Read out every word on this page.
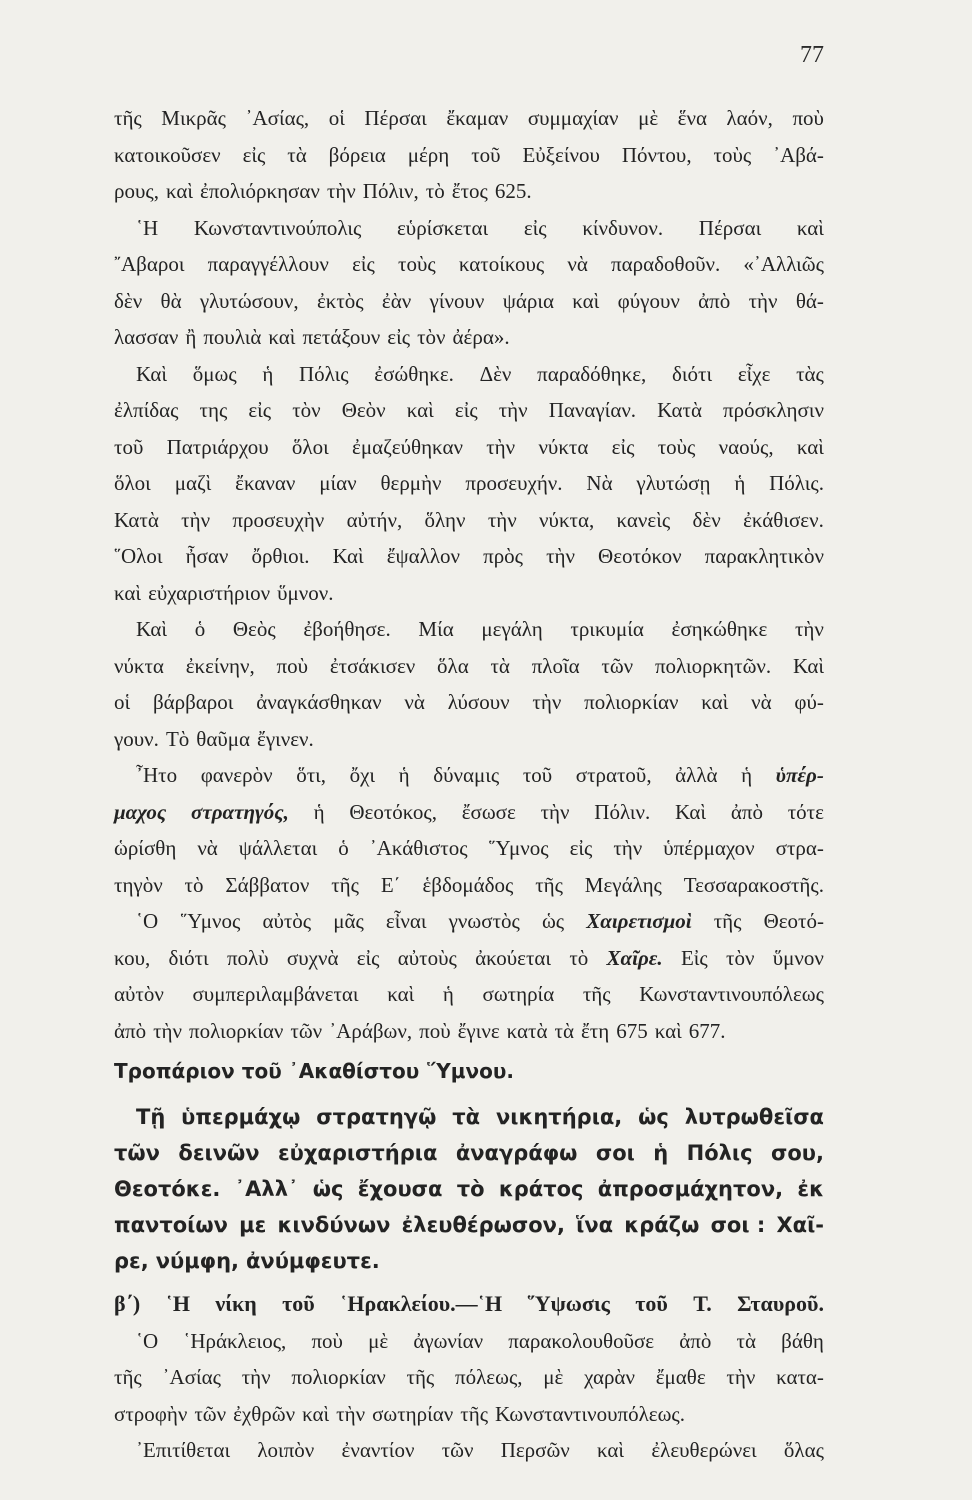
77
τῆς Μικρᾶς ᾿Ασίας, οἱ Πέρσαι ἔκαμαν συμμαχίαν μὲ ἕνα λαόν, ποὺ
κατοικοῦσεν εἰς τὰ βόρεια μέρη τοῦ Εὐξείνου Πόντου, τοὺς ᾿Αβά-
ρους, καὶ ἐπολιόρκησαν τὴν Πόλιν, τὸ ἔτος 625.
῾Η Κωνσταντινούπολις εὑρίσκεται εἰς κίνδυνον. Πέρσαι καὶ
῎Αβαροι παραγγέλλουν εἰς τοὺς κατοίκους νὰ παραδοθοῦν. «᾿Αλλιῶς
δὲν θὰ γλυτώσουν, ἐκτὸς ἐὰν γίνουν ψάρια καὶ φύγουν ἀπὸ τὴν θά-
λασσαν ἢ πουλιὰ καὶ πετάξουν εἰς τὸν ἀέρα».
Καὶ ὅμως ἡ Πόλις ἐσώθηκε. Δὲν παραδόθηκε, διότι εἶχε τὰς
ἐλπίδας της εἰς τὸν Θεὸν καὶ εἰς τὴν Παναγίαν. Κατὰ πρόσκλησιν
τοῦ Πατριάρχου ὅλοι ἐμαζεύθηκαν τὴν νύκτα εἰς τοὺς ναούς, καὶ
ὅλοι μαζὶ ἔκαναν μίαν θερμὴν προσευχήν. Νὰ γλυτώσῃ ἡ Πόλις.
Κατὰ τὴν προσευχὴν αὐτήν, ὅλην τὴν νύκτα, κανεὶς δὲν ἐκάθισεν.
῞Ολοι ἦσαν ὄρθιοι. Καὶ ἔψαλλον πρὸς τὴν Θεοτόκον παρακλητικὸν
καὶ εὐχαριστήριον ὕμνον.
Καὶ ὁ Θεὸς ἐβοήθησε. Μία μεγάλη τρικυμία ἐσηκώθηκε τὴν
νύκτα ἐκείνην, ποὺ ἐτσάκισεν ὅλα τὰ πλοῖα τῶν πολιορκητῶν. Καὶ
οἱ βάρβαροι ἀναγκάσθηκαν νὰ λύσουν τὴν πολιορκίαν καὶ νὰ φύ-
γουν. Τὸ θαῦμα ἔγινεν.
῏Ητο φανερὸν ὅτι, ὄχι ἡ δύναμις τοῦ στρατοῦ, ἀλλὰ ἡ ὑπέρ-
μαχος στρατηγός, ἡ Θεοτόκος, ἔσωσε τὴν Πόλιν. Καὶ ἀπὸ τότε
ὡρίσθη νὰ ψάλλεται ὁ ᾿Ακάθιστος ῞Υμνος εἰς τὴν ὑπέρμαχον στρα-
τηγὸν τὸ Σάββατον τῆς Ε΄ ἑβδομάδος τῆς Μεγάλης Τεσσαρακοστῆς.
῾Ο ῞Υμνος αὐτὸς μᾶς εἶναι γνωστὸς ὡς Χαιρετισμοὶ τῆς Θεοτό-
κου, διότι πολὺ συχνὰ εἰς αὐτοὺς ἀκούεται τὸ Χαῖρε. Εἰς τὸν ὕμνον
αὐτὸν συμπεριλαμβάνεται καὶ ἡ σωτηρία τῆς Κωνσταντινουπόλεως
ἀπὸ τὴν πολιορκίαν τῶν ᾿Αράβων, ποὺ ἔγινε κατὰ τὰ ἔτη 675 καὶ 677.
Τροπάριον τοῦ ᾿Ακαθίστου ῞Υμνου.
Τῇ ὑπερμάχῳ στρατηγῷ τὰ νικητήρια, ὡς λυτρωθεῖσα
τῶν δεινῶν εὐχαριστήρια ἀναγράφω σοι ἡ Πόλις σου,
Θεοτόκε. ᾿Αλλ᾿ ὡς ἔχουσα τὸ κράτος ἀπροσμάχητον, ἐκ
παντοίων με κινδύνων ἐλευθέρωσον, ἵνα κράζω σοι : Χαῖ-
ρε, νύμφη, ἀνύμφευτε.
β΄) ῾Η νίκη τοῦ ῾Ηρακλείου.—῾Η ῞Υψωσις τοῦ Τ. Σταυροῦ.
῾Ο ῾Ηράκλειος, ποὺ μὲ ἀγωνίαν παρακολουθοῦσε ἀπὸ τὰ βάθη
τῆς ᾿Ασίας τὴν πολιορκίαν τῆς πόλεως, μὲ χαρὰν ἔμαθε τὴν κατα-
στροφὴν τῶν ἐχθρῶν καὶ τὴν σωτηρίαν τῆς Κωνσταντινουπόλεως.
᾿Επιτίθεται λοιπὸν ἐναντίον τῶν Περσῶν καὶ ἐλευθερώνει ὅλας
